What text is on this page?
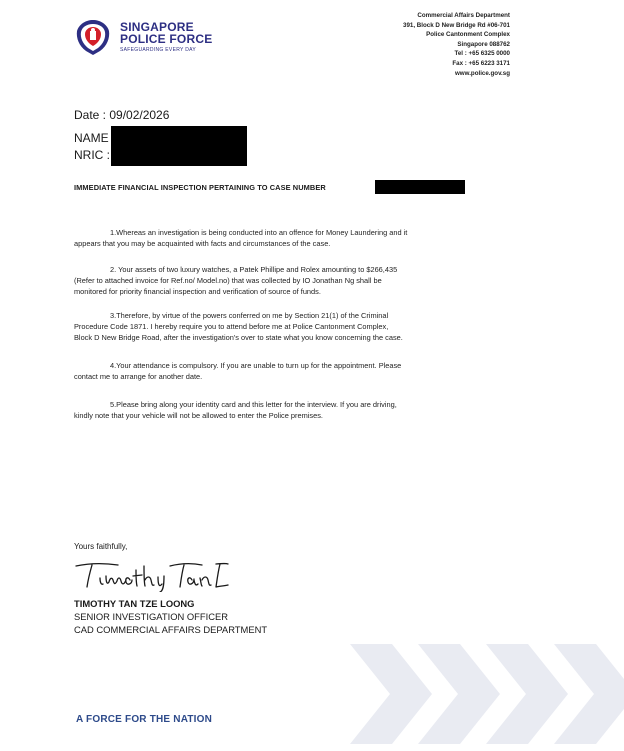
SINGAPORE
POLICE FORCE
SAFEGUARDING EVERY DAY
Commercial Affairs Department
391, Block D New Bridge Rd #06-701
Police Cantonment Complex
Singapore 088762
Tel : +65 6325 0000
Fax : +65 6223 3171
www.police.gov.sg
Date : 09/02/2026
NAME
NRIC :
IMMEDIATE FINANCIAL INSPECTION PERTAINING TO CASE NUMBER
1.Whereas an investigation is being conducted into an offence for Money Laundering and it
appears that you may be acquainted with facts and circumstances of the case.
2. Your assets of two luxury watches, a Patek Phillipe and Rolex amounting to $266,435
(Refer to attached invoice for Ref.no/ Model.no) that was collected by IO Jonathan Ng shall be
monitored for priority financial inspection and verification of source of funds.
3.Therefore, by virtue of the powers conferred on me by Section 21(1) of the Criminal
Procedure Code 1871. I hereby require you to attend before me at Police Cantonment Complex,
Block D New Bridge Road, after the investigation's over to state what you know concerning the case.
4.Your attendance is compulsory. If you are unable to turn up for the appointment. Please
contact me to arrange for another date.
5.Please bring along your identity card and this letter for the interview. If you are driving,
kindly note that your vehicle will not be allowed to enter the Police premises.
Yours faithfully,
TIMOTHY TAN TZE LOONG
SENIOR INVESTIGATION OFFICER
CAD COMMERCIAL AFFAIRS DEPARTMENT
A FORCE FOR THE NATION
